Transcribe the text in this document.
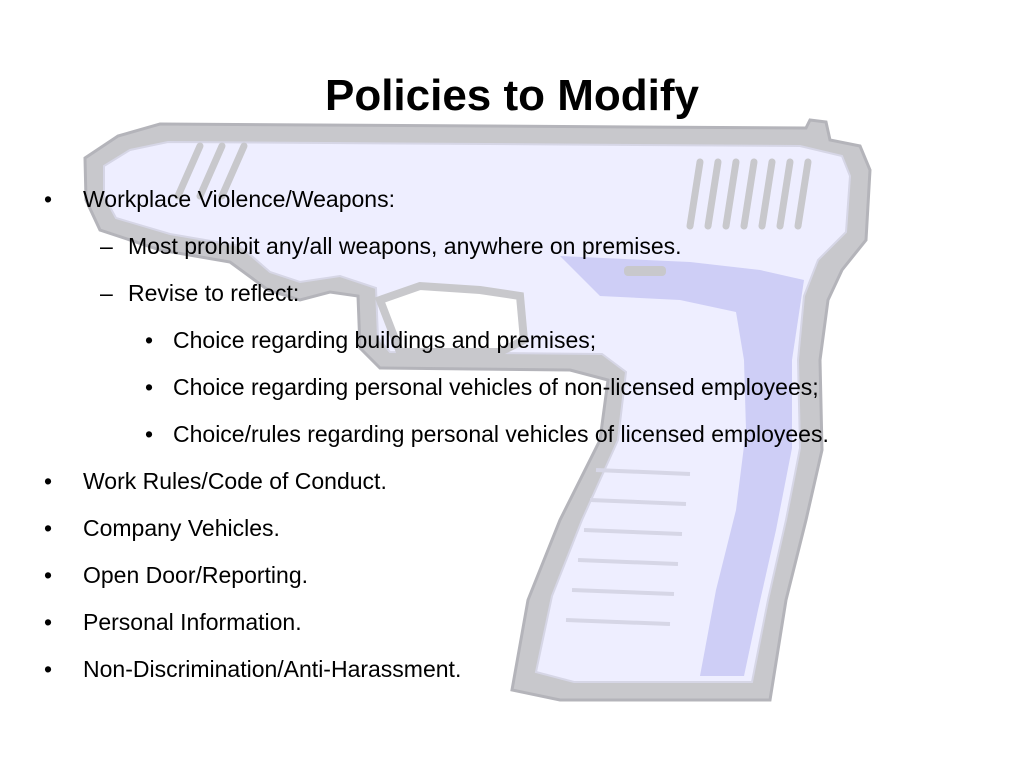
Policies to Modify
• Workplace Violence/Weapons:
– Most prohibit any/all weapons, anywhere on premises.
– Revise to reflect:
• Choice regarding buildings and premises;
• Choice regarding personal vehicles of non-licensed employees;
• Choice/rules regarding personal vehicles of licensed employees.
• Work Rules/Code of Conduct.
• Company Vehicles.
• Open Door/Reporting.
• Personal Information.
• Non-Discrimination/Anti-Harassment.
